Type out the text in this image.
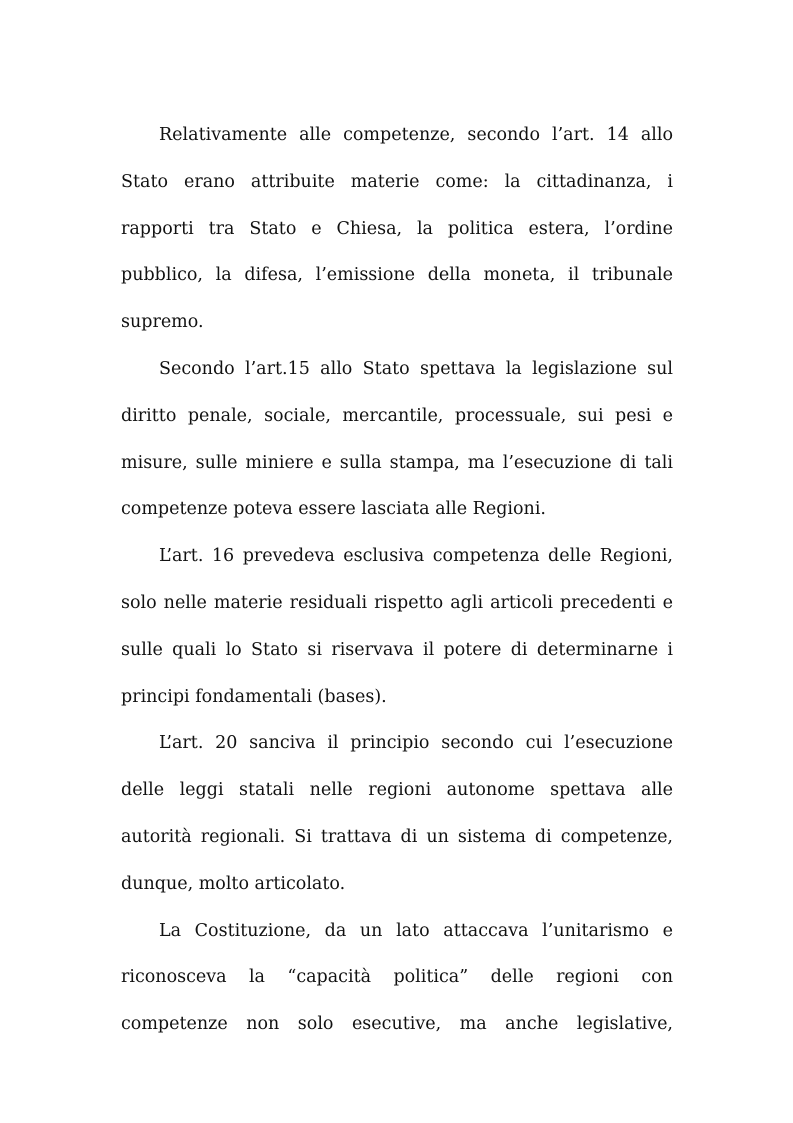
Relativamente alle competenze, secondo l’art. 14 allo Stato erano attribuite materie come: la cittadinanza, i rapporti tra Stato e Chiesa, la politica estera, l’ordine pubblico, la difesa, l’emissione della moneta, il tribunale supremo.

Secondo l’art.15 allo Stato spettava la legislazione sul diritto penale, sociale, mercantile, processuale, sui pesi e misure, sulle miniere e sulla stampa, ma l’esecuzione di tali competenze poteva essere lasciata alle Regioni.

L’art. 16 prevedeva esclusiva competenza delle Regioni, solo nelle materie residuali rispetto agli articoli precedenti e sulle quali lo Stato si riservava il potere di determinarne i principi fondamentali (bases).

L’art. 20 sanciva il principio secondo cui l’esecuzione delle leggi statali nelle regioni autonome spettava alle autorità regionali. Si trattava di un sistema di competenze, dunque, molto articolato.

La Costituzione, da un lato attaccava l’unitarismo e riconosceva la “capacità politica” delle regioni con competenze non solo esecutive, ma anche legislative,
